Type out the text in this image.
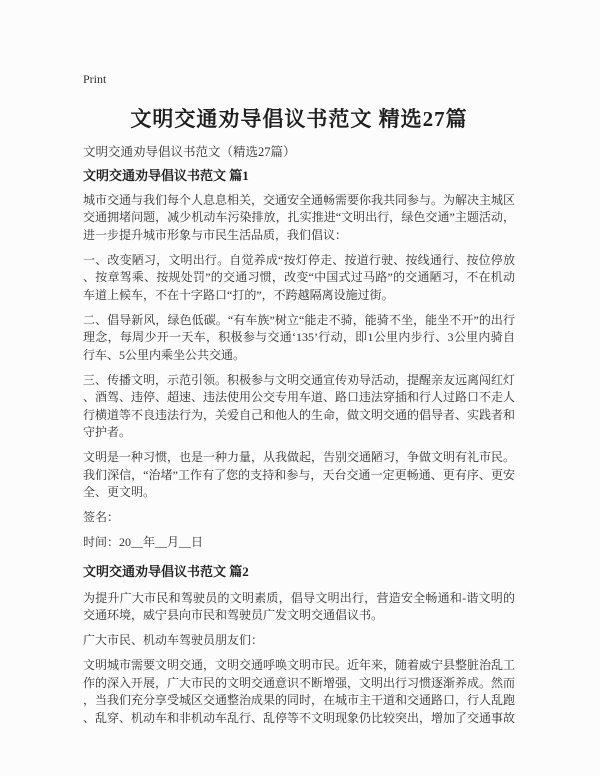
Print
文明交通劝导倡议书范文 精选27篇
文明交通劝导倡议书范文（精选27篇）
文明交通劝导倡议书范文 篇1

城市交通与我们每个人息息相关，交通安全通畅需要你我共同参与。为解决主城区交通拥堵问题，减少机动车污染排放，扎实推进“文明出行，绿色交通”主题活动，进一步提升城市形象与市民生活品质，我们倡议：

一、改变陋习，文明出行。自觉养成“按灯停走、按道行驶、按线通行、按位停放、按章驾乘、按规处罚”的交通习惯，改变“中国式过马路”的交通陋习，不在机动车道上候车，不在十字路口“打的”，不跨越隔离设施过街。

二、倡导新风，绿色低碳。“有车族”树立“能走不骑，能骑不坐，能坐不开”的出行理念，每周少开一天车，积极参与交通‘135’行动，即1公里内步行、3公里内骑自行车、5公里内乘坐公共交通。

三、传播文明，示范引领。积极参与文明交通宣传劝导活动，提醒亲友远离闯红灯、酒驾、违停、超速、违法使用公交专用车道、路口违法穿插和行人过路口不走人行横道等不良违法行为，关爱自己和他人的生命，做文明交通的倡导者、实践者和守护者。

文明是一种习惯，也是一种力量，从我做起，告别交通陋习，争做文明有礼市民。我们深信，“治堵”工作有了您的支持和参与，天台交通一定更畅通、更有序、更安全、更文明。

签名：

时间：20__年__月__日

文明交通劝导倡议书范文 篇2

为提升广大市民和驾驶员的文明素质，倡导文明出行，营造安全畅通和-谐文明的交通环境，威宁县向市民和驾驶员广发文明交通倡议书。

广大市民、机动车驾驶员朋友们：

文明城市需要文明交通，文明交通呼唤文明市民。近年来，随着威宁县整脏治乱工作的深入开展，广大市民的文明交通意识不断增强，文明出行习惯逐渐养成。然而，当我们充分享受城区交通整治成果的同时，在城市主干道和交通路口，行人乱跑、乱穿、机动车和非机动车乱行、乱停等不文明现象仍比较突出，增加了交通事故
